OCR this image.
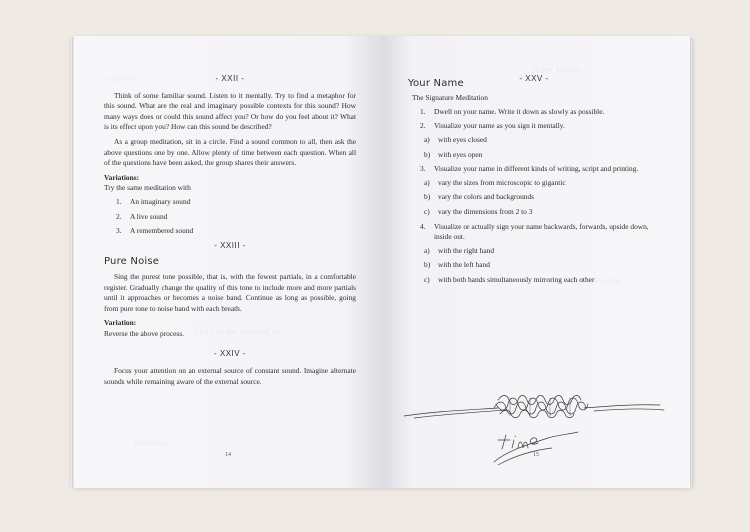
- XXII -

Think of some familiar sound. Listen to it mentally. Try to find a metaphor for this sound. What are the real and imaginary possible contexts for this sound? How many ways does or could this sound affect you? Or how do you feel about it? What is its effect upon you? How can this sound be described?

As a group meditation, sit in a circle. Find a sound common to all, then ask the above questions one by one. Allow plenty of time between each question. When all of the questions have been asked, the group shares their answers.

Variations:
Try the same meditation with
1. An imaginary sound
2. A live sound
3. A remembered sound
- XXIII -
Pure Noise

Sing the purest tone possible, that is, with the fewest partials, in a comfortable register. Gradually change the quality of this tone to include more and more partials until it approaches or becomes a noise band. Continue as long as possible, going from pure tone to noise band with each breath.

Variation:
Reverse the above process.
- XXIV -

Focus your attention on an external source of constant sound. Imagine alternate sounds while remaining aware of the external source.

14
- XXV -
Your Name
The Signature Meditation
1. Dwell on your name. Write it down as slowly as possible.
2. Visualize your name as you sign it mentally.
a) with eyes closed
b) with eyes open
3. Visualize your name in different kinds of writing, script and printing.
a) vary the sizes from microscopic to gigantic
b) vary the colors and backgrounds
c) vary the dimensions from 2 to 3
4. Visualize or actually sign your name backwards, forwards, upside down, inside out.
a) with the right hand
b) with the left hand
c) with both hands simultaneously mirroring each other
15
